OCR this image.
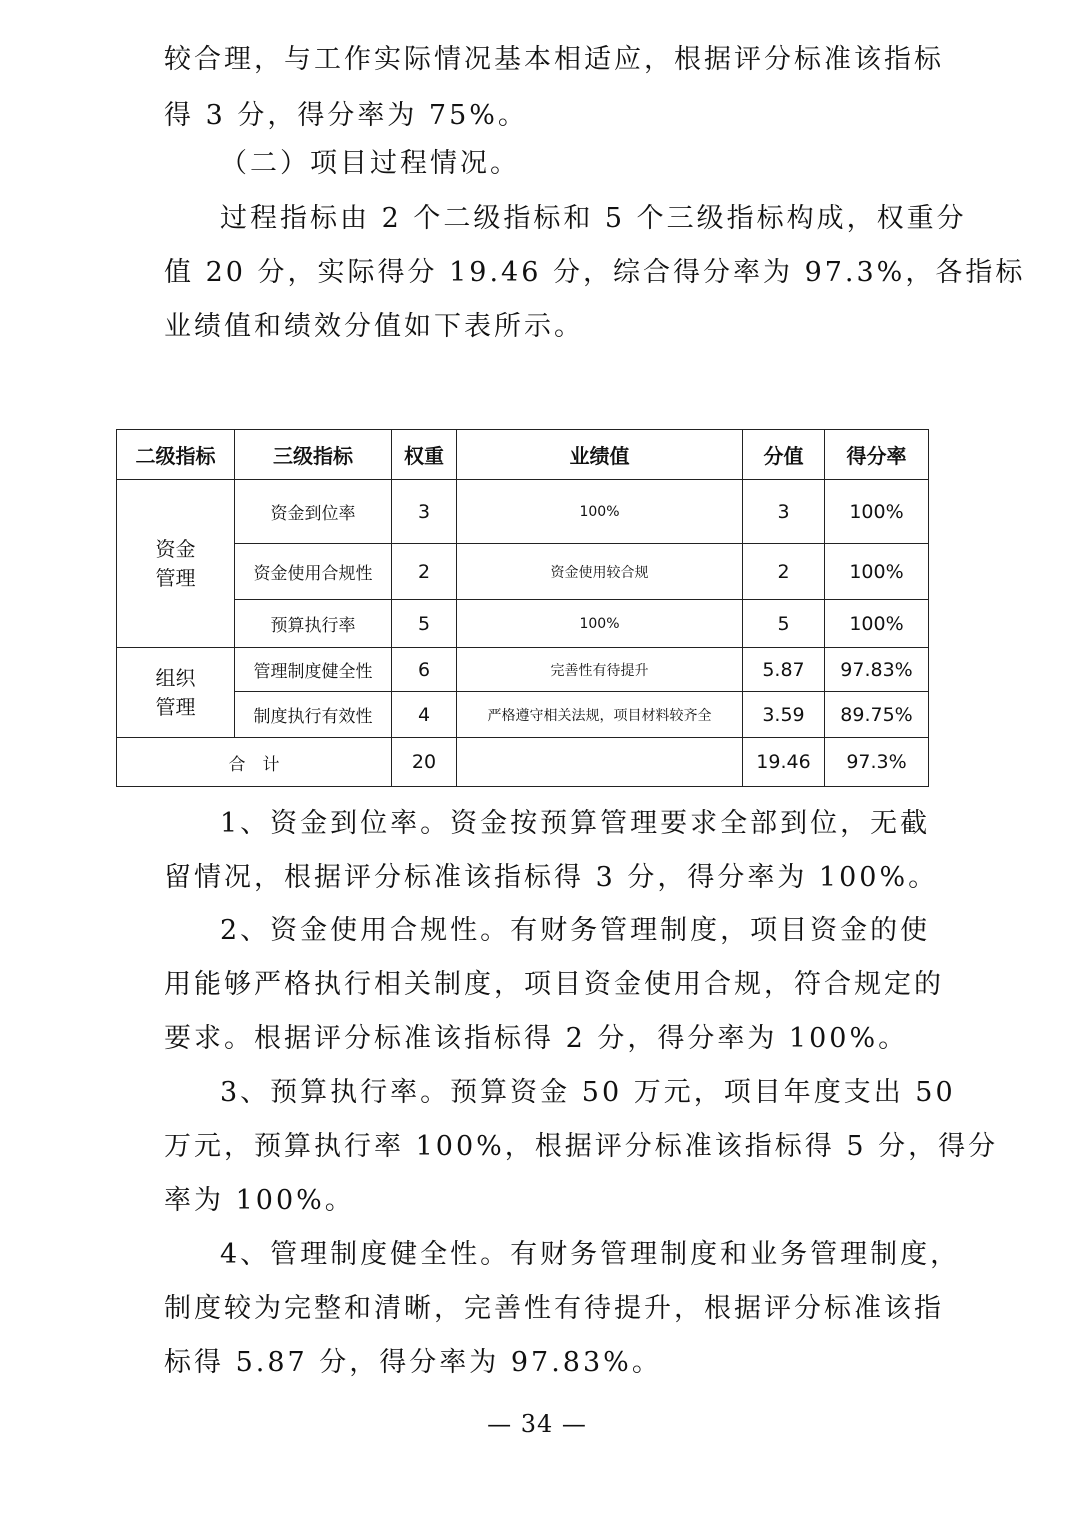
较合理，与工作实际情况基本相适应，根据评分标准该指标

得 3 分，得分率为 75%。

（二）项目过程情况。

过程指标由 2 个二级指标和 5 个三级指标构成，权重分

值 20 分，实际得分 19.46 分，综合得分率为 97.3%，各指标

业绩值和绩效分值如下表所示。

二级指标	三级指标	权重	业绩值	分值	得分率

资金
管理	资金到位率	3	100%	3	100%
	资金使用合规性	2	资金使用较合规	2	100%
	预算执行率	5	100%	5	100%

组织
管理	管理制度健全性	6	完善性有待提升	5.87	97.83%
	制度执行有效性	4	严格遵守相关法规，项目材料较齐全	3.59	89.75%
合　计		20		19.46	97.3%

1、资金到位率。资金按预算管理要求全部到位，无截

留情况，根据评分标准该指标得 3 分，得分率为 100%。

2、资金使用合规性。有财务管理制度，项目资金的使

用能够严格执行相关制度，项目资金使用合规，符合规定的

要求。根据评分标准该指标得 2 分，得分率为 100%。

3、预算执行率。预算资金 50 万元，项目年度支出 50

万元，预算执行率 100%，根据评分标准该指标得 5 分，得分

率为 100%。

4、管理制度健全性。有财务管理制度和业务管理制度，

制度较为完整和清晰，完善性有待提升，根据评分标准该指

标得 5.87 分，得分率为 97.83%。

— 34 —
